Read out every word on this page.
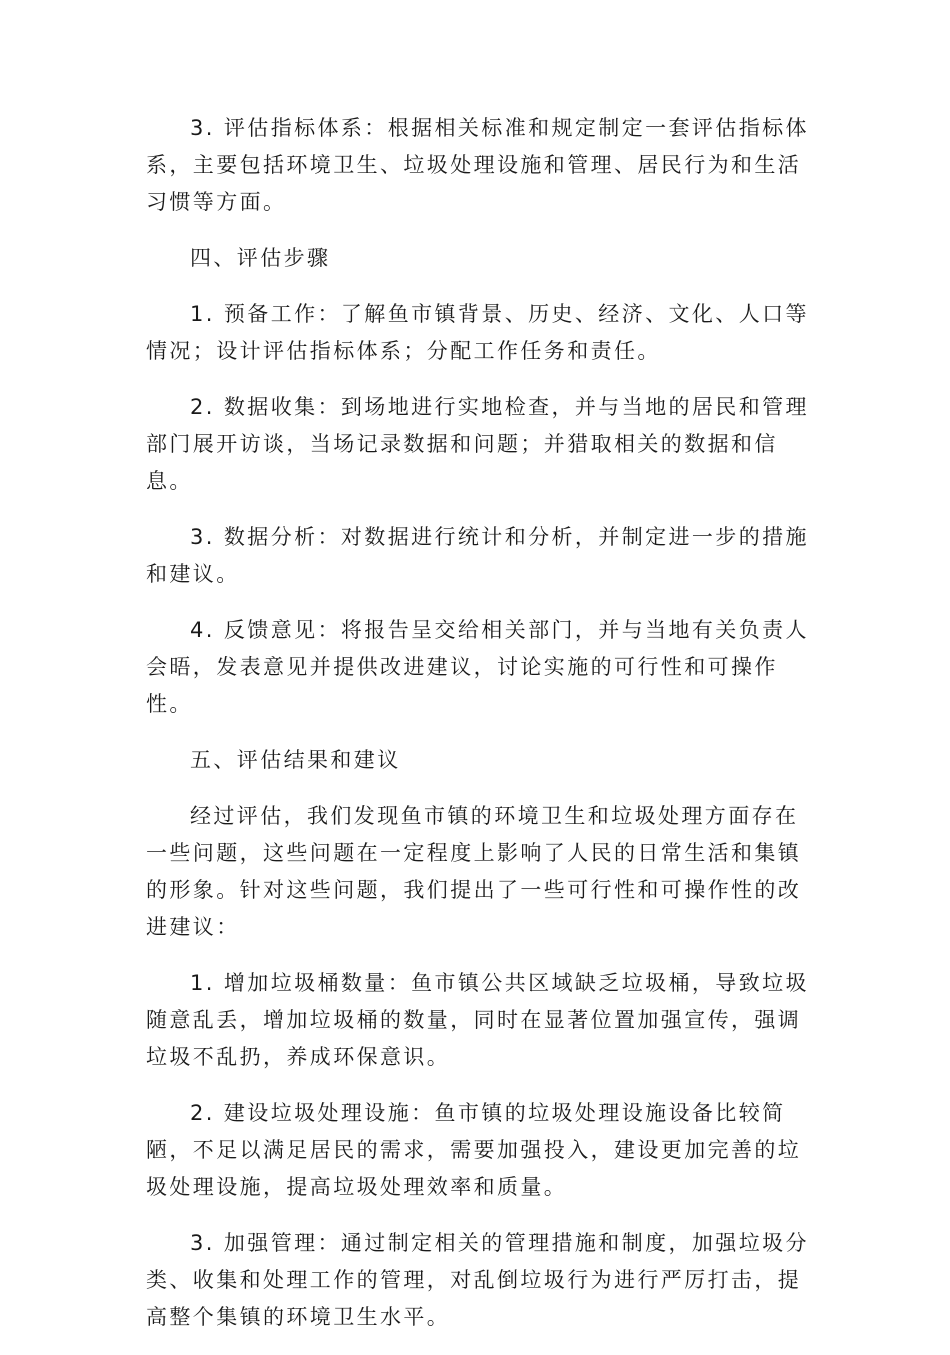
3. 评估指标体系：根据相关标准和规定制定一套评估指标体系，主要包括环境卫生、垃圾处理设施和管理、居民行为和生活习惯等方面。

四、评估步骤

1. 预备工作：了解鱼市镇背景、历史、经济、文化、人口等情况；设计评估指标体系；分配工作任务和责任。

2. 数据收集：到场地进行实地检查，并与当地的居民和管理部门展开访谈，当场记录数据和问题；并猎取相关的数据和信息。

3. 数据分析：对数据进行统计和分析，并制定进一步的措施和建议。

4. 反馈意见：将报告呈交给相关部门，并与当地有关负责人会晤，发表意见并提供改进建议，讨论实施的可行性和可操作性。

五、评估结果和建议

经过评估，我们发现鱼市镇的环境卫生和垃圾处理方面存在一些问题，这些问题在一定程度上影响了人民的日常生活和集镇的形象。针对这些问题，我们提出了一些可行性和可操作性的改进建议：

1. 增加垃圾桶数量：鱼市镇公共区域缺乏垃圾桶，导致垃圾随意乱丢，增加垃圾桶的数量，同时在显著位置加强宣传，强调垃圾不乱扔，养成环保意识。

2. 建设垃圾处理设施：鱼市镇的垃圾处理设施设备比较简陋，不足以满足居民的需求，需要加强投入，建设更加完善的垃圾处理设施，提高垃圾处理效率和质量。

3. 加强管理：通过制定相关的管理措施和制度，加强垃圾分类、收集和处理工作的管理，对乱倒垃圾行为进行严厉打击，提高整个集镇的环境卫生水平。
